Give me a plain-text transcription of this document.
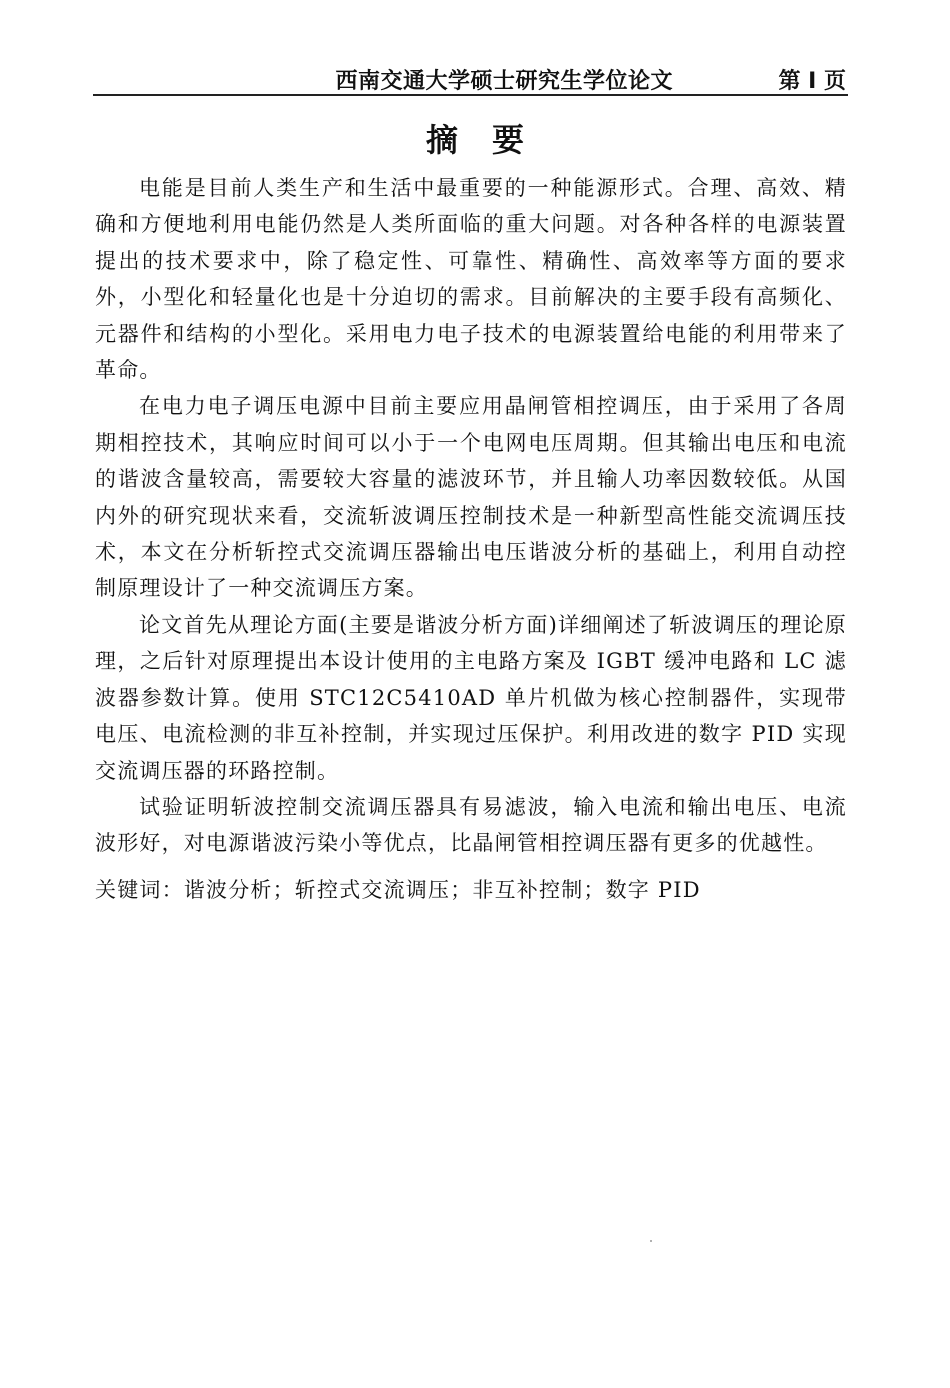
西南交通大学硕士研究生学位论文	第 I 页
摘要

电能是目前人类生产和生活中最重要的一种能源形式。合理、高效、精确和方便地利用电能仍然是人类所面临的重大问题。对各种各样的电源装置提出的技术要求中，除了稳定性、可靠性、精确性、高效率等方面的要求外，小型化和轻量化也是十分迫切的需求。目前解决的主要手段有高频化、元器件和结构的小型化。采用电力电子技术的电源装置给电能的利用带来了革命。

在电力电子调压电源中目前主要应用晶闸管相控调压，由于采用了各周期相控技术，其响应时间可以小于一个电网电压周期。但其输出电压和电流的谐波含量较高，需要较大容量的滤波环节，并且输人功率因数较低。从国内外的研究现状来看，交流斩波调压控制技术是一种新型高性能交流调压技术，本文在分析斩控式交流调压器输出电压谐波分析的基础上，利用自动控制原理设计了一种交流调压方案。

论文首先从理论方面(主要是谐波分析方面)详细阐述了斩波调压的理论原理，之后针对原理提出本设计使用的主电路方案及 IGBT 缓冲电路和 LC 滤波器参数计算。使用 STC12C5410AD 单片机做为核心控制器件，实现带电压、电流检测的非互补控制，并实现过压保护。利用改进的数字 PID 实现交流调压器的环路控制。

试验证明斩波控制交流调压器具有易滤波，输入电流和输出电压、电流波形好，对电源谐波污染小等优点，比晶闸管相控调压器有更多的优越性。

关键词：谐波分析；斩控式交流调压；非互补控制；数字 PID
